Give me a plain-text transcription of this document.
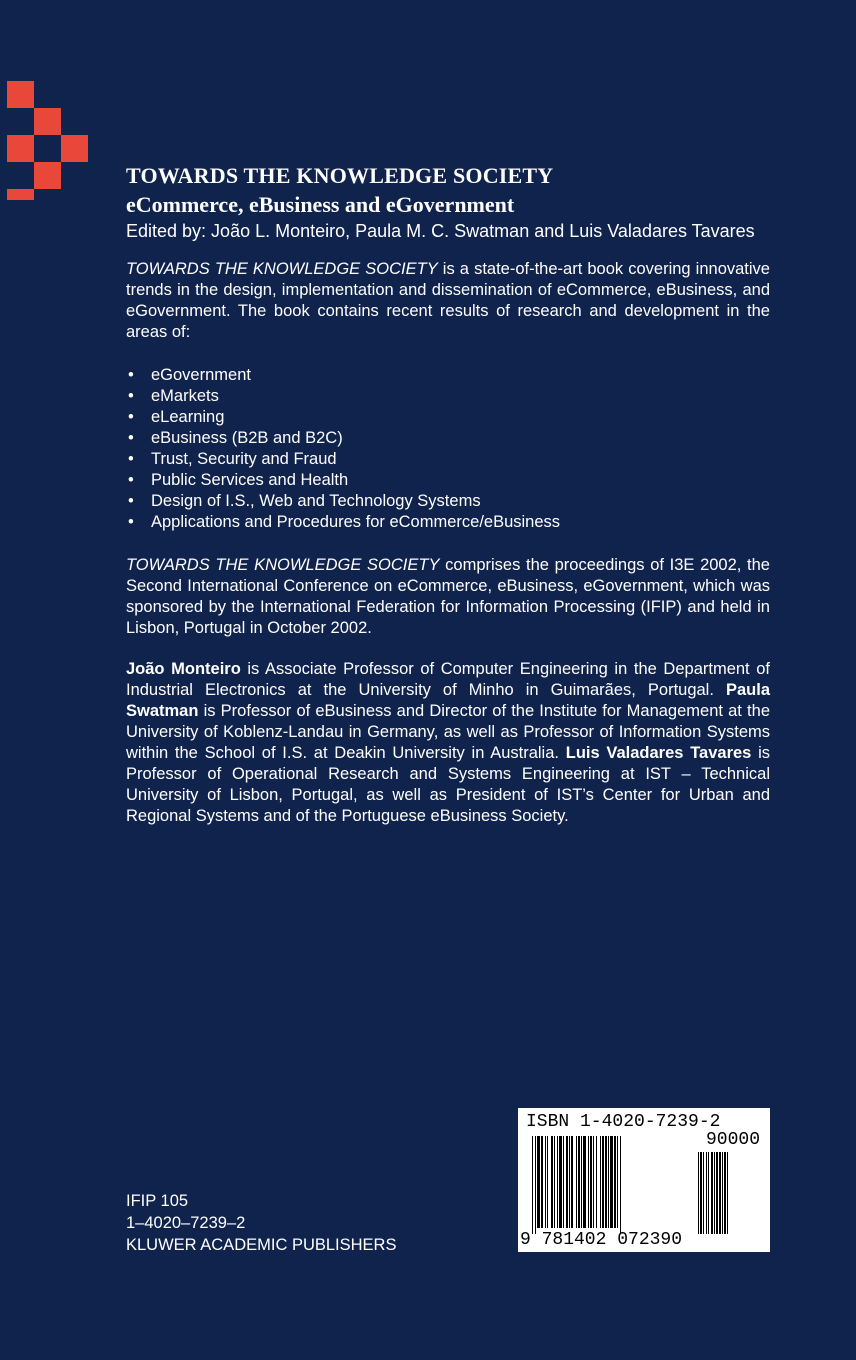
TOWARDS THE KNOWLEDGE SOCIETY
eCommerce, eBusiness and eGovernment

Edited by: João L. Monteiro, Paula M. C. Swatman and Luis Valadares Tavares

TOWARDS THE KNOWLEDGE SOCIETY is a state-of-the-art book covering innovative trends in the design, implementation and dissemination of eCommerce, eBusiness, and eGovernment. The book contains recent results of research and development in the areas of:

• eGovernment
• eMarkets
• eLearning
• eBusiness (B2B and B2C)
• Trust, Security and Fraud
• Public Services and Health
• Design of I.S., Web and Technology Systems
• Applications and Procedures for eCommerce/eBusiness

TOWARDS THE KNOWLEDGE SOCIETY comprises the proceedings of I3E 2002, the Second International Conference on eCommerce, eBusiness, eGovernment, which was sponsored by the International Federation for Information Processing (IFIP) and held in Lisbon, Portugal in October 2002.

João Monteiro is Associate Professor of Computer Engineering in the Department of Industrial Electronics at the University of Minho in Guimarães, Portugal. Paula Swatman is Professor of eBusiness and Director of the Institute for Management at the University of Koblenz-Landau in Germany, as well as Professor of Information Systems within the School of I.S. at Deakin University in Australia. Luis Valadares Tavares is Professor of Operational Research and Systems Engineering at IST – Technical University of Lisbon, Portugal, as well as President of IST’s Center for Urban and Regional Systems and of the Portuguese eBusiness Society.

IFIP 105
1–4020–7239–2
KLUWER ACADEMIC PUBLISHERS
ISBN 1-4020-7239-2
90000
9 781402 072390
